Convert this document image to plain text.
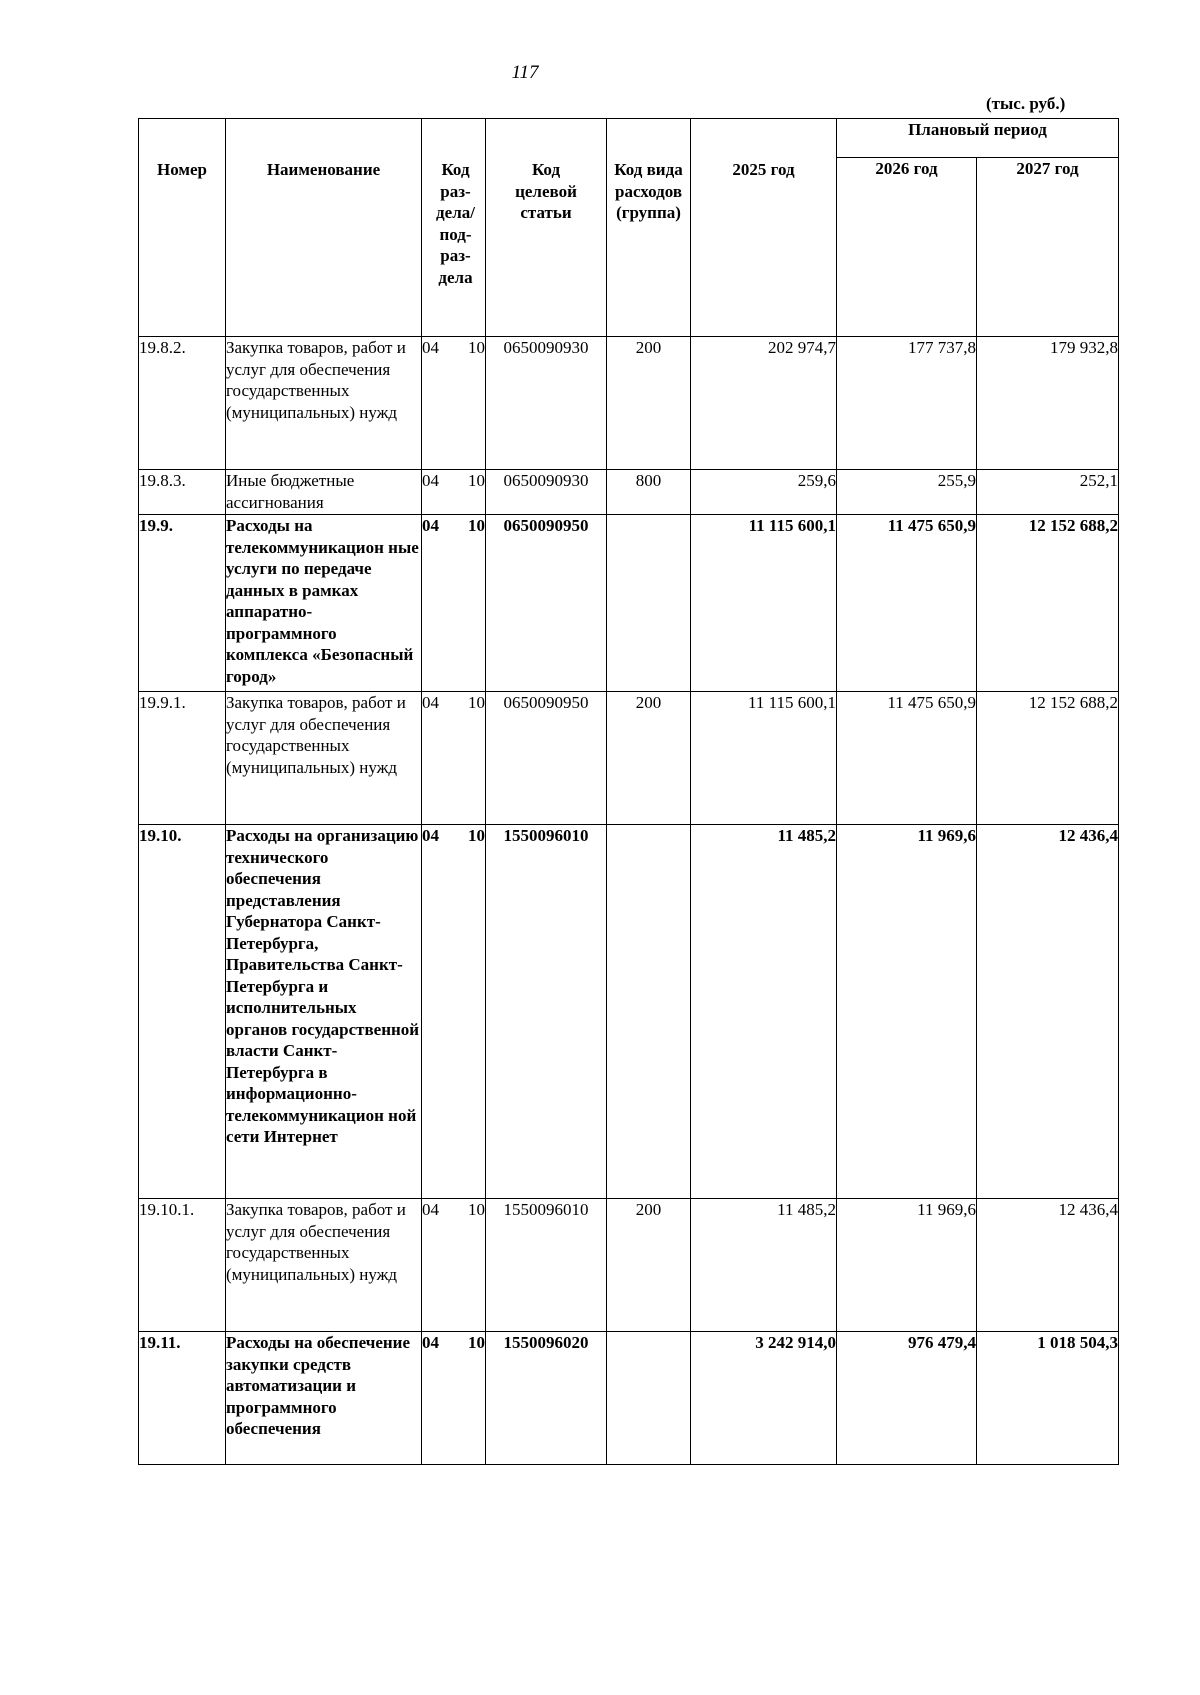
117
(тыс. руб.)
Номер	Наименование	Код раз- дела/ под- раз- дела	Код целевой статьи	Код вида расходов (группа)	2025 год	Плановый период	
						2026 год	2027 год
19.8.2.	Закупка товаров, работ и услуг для обеспечения государственных (муниципальных) нужд	04 10	0650090930	200	202 974,7	177 737,8	179 932,8
19.8.3.	Иные бюджетные ассигнования	04 10	0650090930	800	259,6	255,9	252,1
19.9.	Расходы на телекоммуникацион ные услуги по передаче данных в рамках аппаратно-программного комплекса «Безопасный город»	04 10	0650090950		11 115 600,1	11 475 650,9	12 152 688,2
19.9.1.	Закупка товаров, работ и услуг для обеспечения государственных (муниципальных) нужд	04 10	0650090950	200	11 115 600,1	11 475 650,9	12 152 688,2
19.10.	Расходы на организацию технического обеспечения представления Губернатора Санкт-Петербурга, Правительства Санкт-Петербурга и исполнительных органов государственной власти Санкт-Петербурга в информационно-телекоммуникацион ной сети Интернет	04 10	1550096010		11 485,2	11 969,6	12 436,4
19.10.1.	Закупка товаров, работ и услуг для обеспечения государственных (муниципальных) нужд	04 10	1550096010	200	11 485,2	11 969,6	12 436,4
19.11.	Расходы на обеспечение закупки средств автоматизации и программного обеспечения	04 10	1550096020		3 242 914,0	976 479,4	1 018 504,3
